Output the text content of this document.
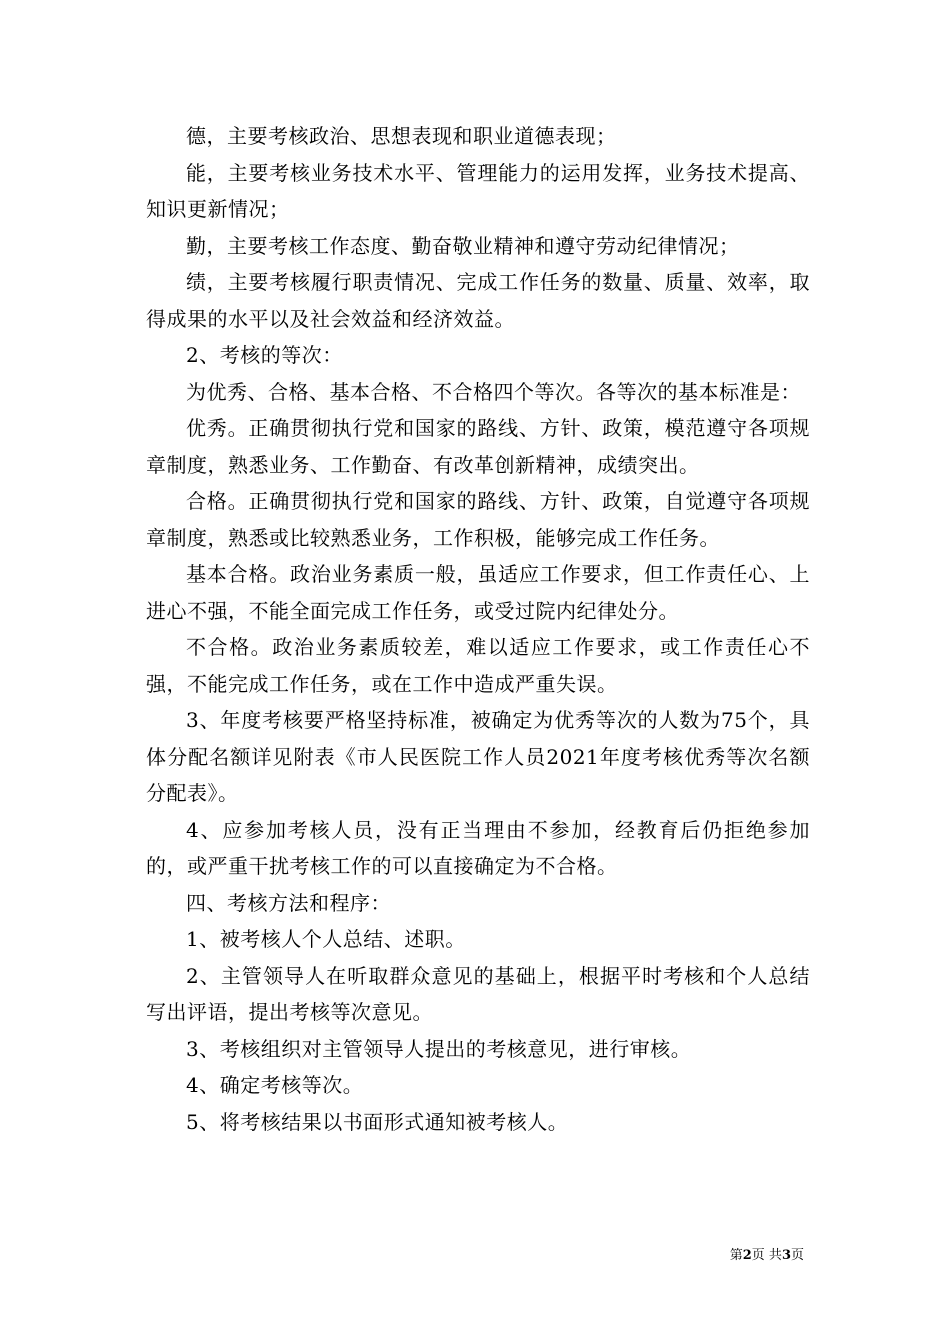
德，主要考核政治、思想表现和职业道德表现；

能，主要考核业务技术水平、管理能力的运用发挥，业务技术提高、知识更新情况；

勤，主要考核工作态度、勤奋敬业精神和遵守劳动纪律情况；

绩，主要考核履行职责情况、完成工作任务的数量、质量、效率，取得成果的水平以及社会效益和经济效益。

2、考核的等次：

为优秀、合格、基本合格、不合格四个等次。各等次的基本标准是：

优秀。正确贯彻执行党和国家的路线、方针、政策，模范遵守各项规章制度，熟悉业务、工作勤奋、有改革创新精神，成绩突出。

合格。正确贯彻执行党和国家的路线、方针、政策，自觉遵守各项规章制度，熟悉或比较熟悉业务，工作积极，能够完成工作任务。

基本合格。政治业务素质一般，虽适应工作要求，但工作责任心、上进心不强，不能全面完成工作任务，或受过院内纪律处分。

不合格。政治业务素质较差，难以适应工作要求，或工作责任心不强，不能完成工作任务，或在工作中造成严重失误。

3、年度考核要严格坚持标准，被确定为优秀等次的人数为75个，具体分配名额详见附表《市人民医院工作人员2021年度考核优秀等次名额分配表》。

4、应参加考核人员，没有正当理由不参加，经教育后仍拒绝参加的，或严重干扰考核工作的可以直接确定为不合格。

四、考核方法和程序：

1、被考核人个人总结、述职。

2、主管领导人在听取群众意见的基础上，根据平时考核和个人总结写出评语，提出考核等次意见。

3、考核组织对主管领导人提出的考核意见，进行审核。

4、确定考核等次。

5、将考核结果以书面形式通知被考核人。

第2页 共3页
